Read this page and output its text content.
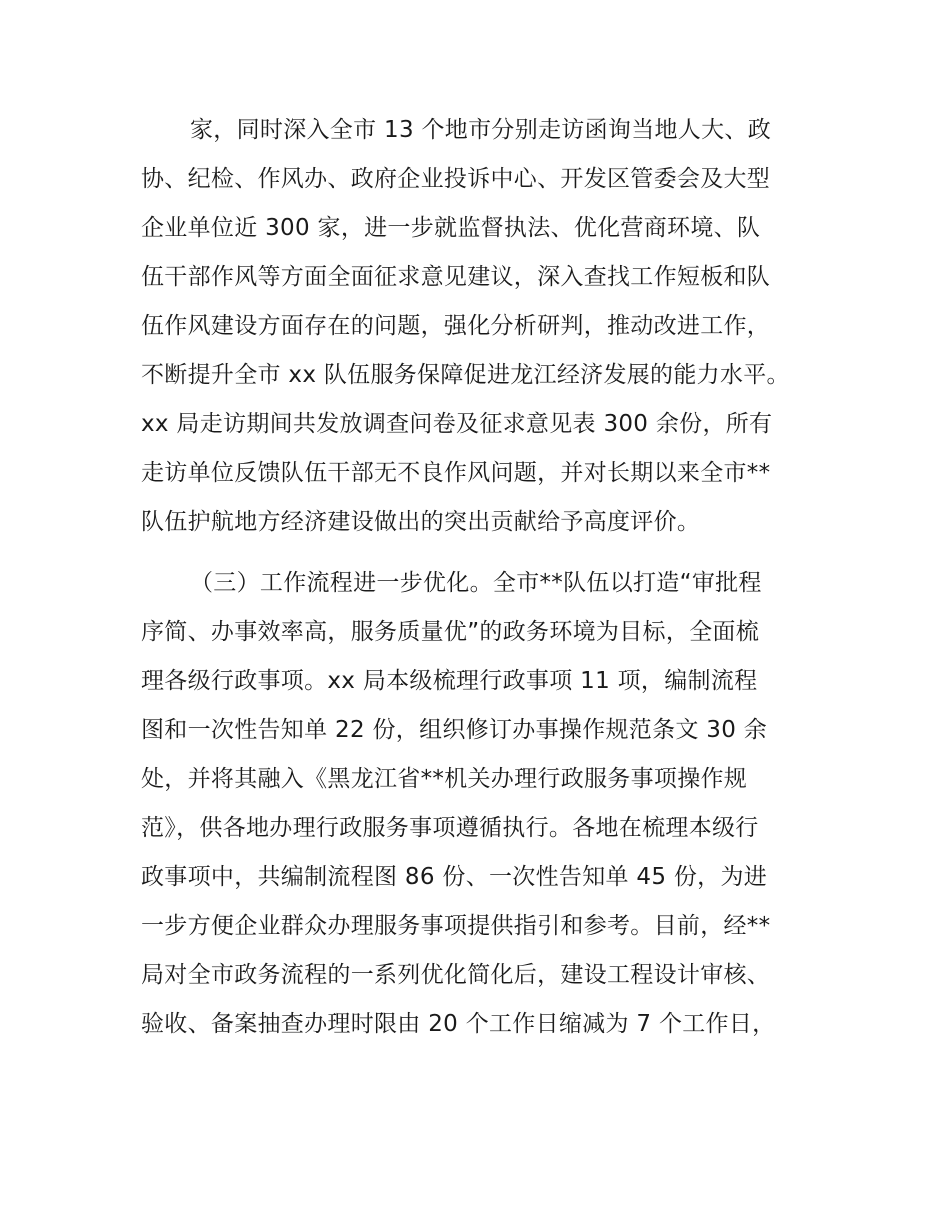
家，同时深入全市 13 个地市分别走访函询当地人大、政
协、纪检、作风办、政府企业投诉中心、开发区管委会及大型
企业单位近 300 家，进一步就监督执法、优化营商环境、队
伍干部作风等方面全面征求意见建议，深入查找工作短板和队
伍作风建设方面存在的问题，强化分析研判，推动改进工作，
不断提升全市 xx 队伍服务保障促进龙江经济发展的能力水平。
xx 局走访期间共发放调查问卷及征求意见表 300 余份，所有
走访单位反馈队伍干部无不良作风问题，并对长期以来全市**
队伍护航地方经济建设做出的突出贡献给予高度评价。
（三）工作流程进一步优化。全市**队伍以打造“审批程
序简、办事效率高，服务质量优”的政务环境为目标，全面梳
理各级行政事项。xx 局本级梳理行政事项 11 项，编制流程
图和一次性告知单 22 份，组织修订办事操作规范条文 30 余
处，并将其融入《黑龙江省**机关办理行政服务事项操作规
范》，供各地办理行政服务事项遵循执行。各地在梳理本级行
政事项中，共编制流程图 86 份、一次性告知单 45 份，为进
一步方便企业群众办理服务事项提供指引和参考。目前，经**
局对全市政务流程的一系列优化简化后，建设工程设计审核、
验收、备案抽查办理时限由 20 个工作日缩减为 7 个工作日，
